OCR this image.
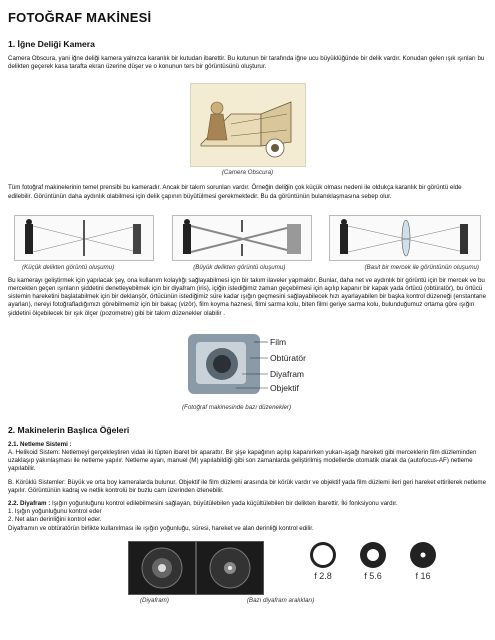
FOTOĞRAF MAKİNESİ
1. İğne Deliği Kamera

Camera Obscura, yani iğne deliği kamera yalnızca karanlık bir kutudan ibarettir. Bu kutunun bir tarafında iğne ucu büyüklüğünde bir delik vardır. Konudan gelen ışık ışınları bu delikten geçerek kasa tarafta ekran üzerine düşer ve o konunun ters bir görüntüsünü oluşturur.

(Camera Obscura)

Tüm fotoğraf makinelerinin temel prensibi bu kameradır. Ancak bir takım sorunları vardır. Örneğin deliğin çok küçük olması nedeni ile oldukça karanlık bir görüntü elde edilebilir. Görüntünün daha aydınlık olabilmesi için delik çapının büyütülmesi gerekmektedir. Bu da görüntünün bulanıklaşmasına sebep olur.

(Küçük delikten görüntü oluşumu)	(Büyük delikten görüntü oluşumu)	(Basit bir mercek ile görüntünün oluşumu)

Bu kamerayı geliştirmek için yapılacak şey, ona kullanım kolaylığı sağlayabilmesi için bir takım ilaveler yapmaktır. Bunlar, daha net ve aydınlık bir görüntü için bir mercek ve bu mercekten geçen ışınların şiddetini denetleyebilmek için bir diyafram (iris), içiğin istediğimiz zaman geçebilmesi için açılıp kapanır bir kapak yada örtücü (obtüratör), bu örtücü sistemin hareketini başlatabilmek için bir deklanşör, örtücünün istediğimiz süre kadar ışığın geçmesini sağlayabilecek hızı ayarlayabilen bir başka kontrol düzeneği (enstantane ayarları), nereyi fotoğrafladığımızı görebilmemiz için bir bakaç (vizör), film koyma haznesi, filmi sarma kolu, biten filmi geriye sarma kolu, bulunduğumuz ortama göre ışığın şiddetini ölçebilecek bir ışık ölçer (pozometre) gibi bir takım düzenekler olabilir .

Film
Obtüratör
Diyafram
Objektif
(Fotoğraf makinesinde bazı düzenekler)
2. Makinelerin Başlıca Öğeleri

2.1. Netleme Sistemi :

A. Helikoid Sistem: Netlemeyi gerçekleştiren vidalı iki tüpten ibaret bir aparattır. Bir şişe kapağının açılıp kapanırken yukarı-aşağı hareketi gibi merceklerin film düzleminden uzaklaşıp yakınlaşması ile netleme yapılır. Netleme ayarı, manuel (M) yapılabildiği gibi son zamanlarda geliştirilmiş modellerde otomatik olarak da (autofocus-AF) netleme yapılabilir.

B. Körüklü Sistemler: Büyük ve orta boy kameralarda bulunur. Objektif ile film düzlemi arasında bir körük vardır ve objektif yada film düzlemi ileri geri hareket ettirilerek netleme yapılır. Görüntünün kadraj ve netlik kontrolü bir buzlu cam üzerinden izlenebilir.

2.2. Diyafram : Işığın yoğunluğunu kontrol edilebilmesini sağlayan, büyütülebilen yada küçültülebilen bir delikten ibarettir. İki fonksiyonu vardır.

1. Işığın yoğunluğunu kontrol eder

2. Net alan derinliğini kontrol eder.

Diyaframın ve obtüratörün birlikte kullanılması ile ışığın yoğunluğu, süresi, hareket ve alan derinliği kontrol edilir.

f 2.8	f 5.6	f 16
(Diyafram)	(Bazı diyafram aralıkları)
